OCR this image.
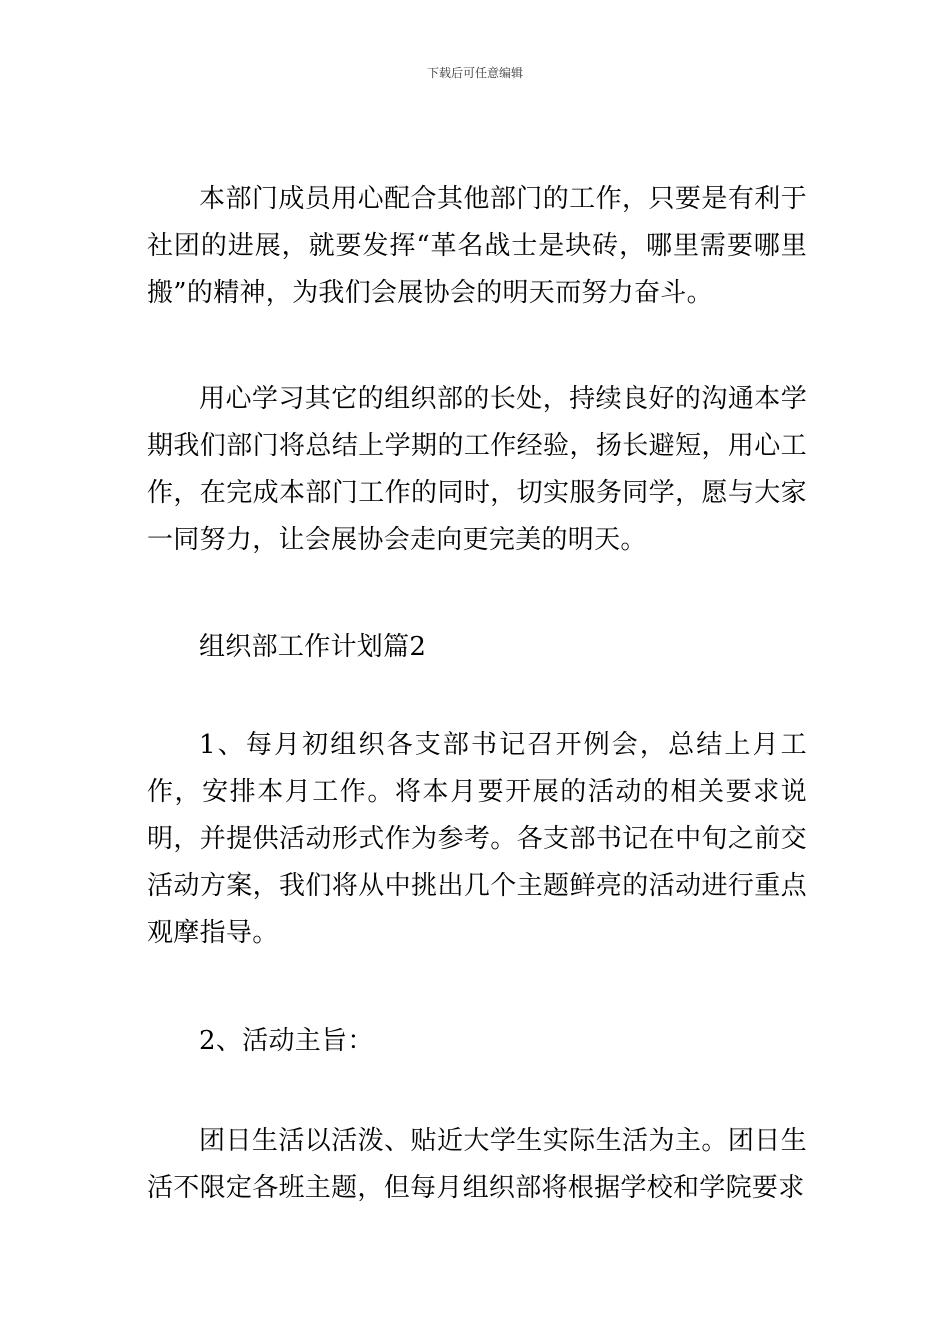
下载后可任意编辑

本部门成员用心配合其他部门的工作，只要是有利于社团的进展，就要发挥“革名战士是块砖，哪里需要哪里搬”的精神，为我们会展协会的明天而努力奋斗。

用心学习其它的组织部的长处，持续良好的沟通本学期我们部门将总结上学期的工作经验，扬长避短，用心工作，在完成本部门工作的同时，切实服务同学，愿与大家一同努力，让会展协会走向更完美的明天。

组织部工作计划篇2

1、每月初组织各支部书记召开例会，总结上月工作，安排本月工作。将本月要开展的活动的相关要求说明，并提供活动形式作为参考。各支部书记在中旬之前交活动方案，我们将从中挑出几个主题鲜亮的活动进行重点观摩指导。

2、活动主旨：

团日生活以活泼、贴近大学生实际生活为主。团日生活不限定各班主题，但每月组织部将根据学校和学院要求
